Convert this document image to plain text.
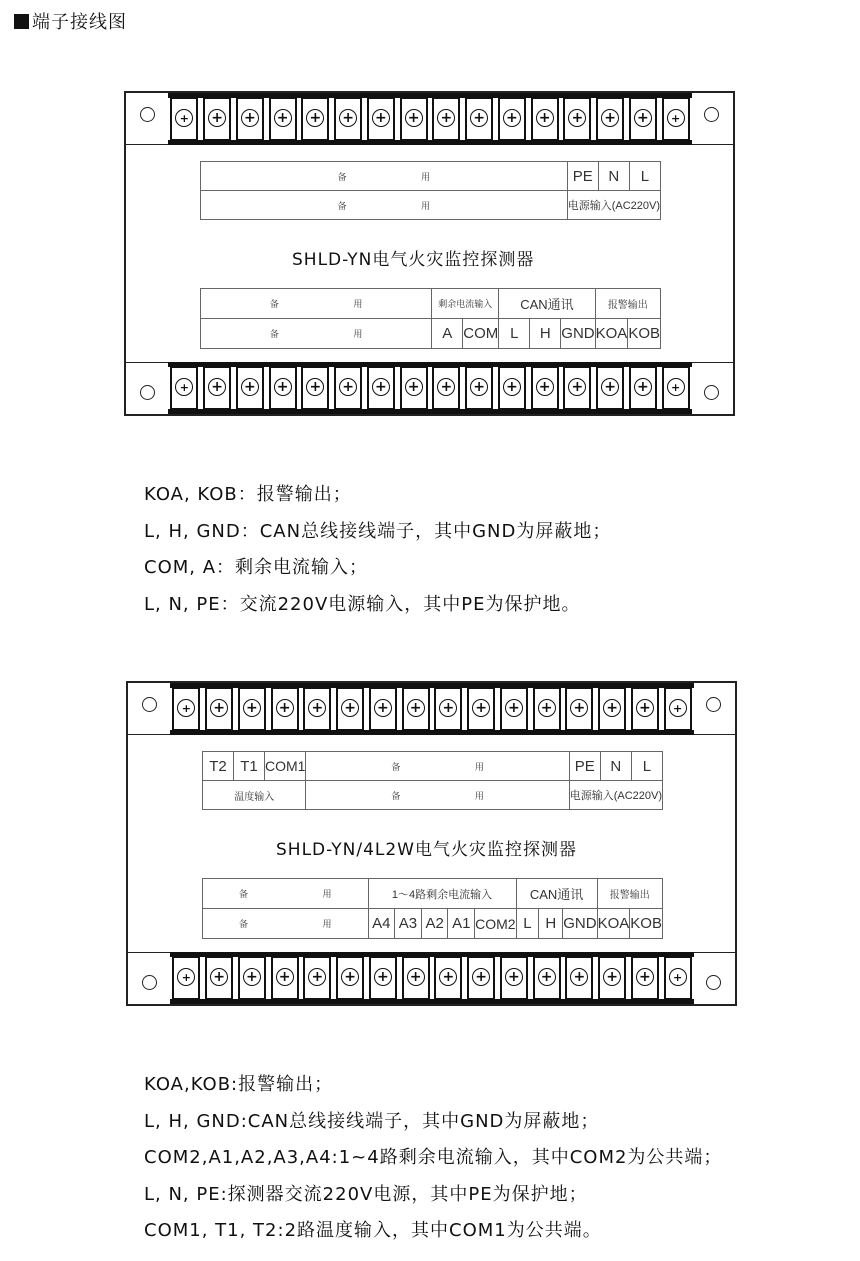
端子接线图
+	+ + + + + + + + + + + + + +	+
+	+ + + + + + + + + + + + + +	+
备 用	PE	N	L
备 用	电源输入(AC220V)		
SHLD-YN电气火灾监控探测器
备 用	剩余电流输入		CAN通讯			报警输出	
备 用	A	COM	L	H	GND	KOA	KOB
KOA, KOB：报警输出；
L, H, GND：CAN总线接线端子，其中GND为屏蔽地；
COM, A：剩余电流输入；
L, N, PE：交流220V电源输入，其中PE为保护地。
+	+ + + + + + + + + + + + + +	+
+	+ + + + + + + + + + + + + +	+
T2	T1	COM1	备 用	PE	N	L
温度输入			备 用	电源输入(AC220V)		
SHLD-YN/4L2W电气火灾监控探测器
备 用	1～4路剩余电流输入					CAN通讯			报警输出	
备 用	A4	A3	A2	A1	COM2	L	H	GND	KOA	KOB
KOA,KOB:报警输出；
L, H, GND:CAN总线接线端子，其中GND为屏蔽地；
COM2,A1,A2,A3,A4:1~4路剩余电流输入，其中COM2为公共端；
L, N, PE:探测器交流220V电源，其中PE为保护地；
COM1, T1, T2:2路温度输入，其中COM1为公共端。
